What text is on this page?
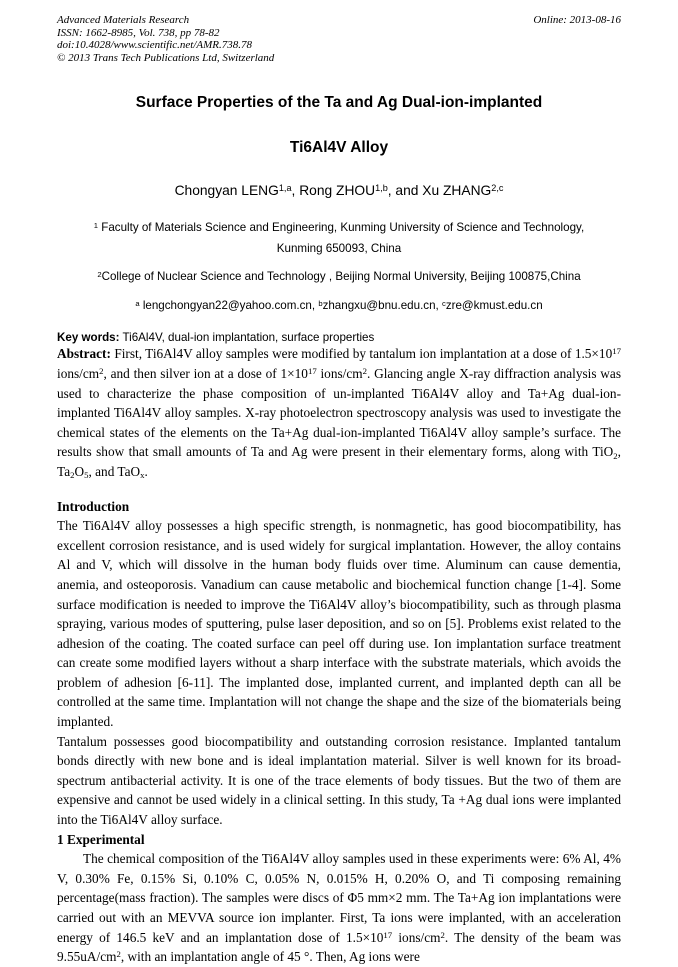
Advanced Materials Research
ISSN: 1662-8985, Vol. 738, pp 78-82
doi:10.4028/www.scientific.net/AMR.738.78
© 2013 Trans Tech Publications Ltd, Switzerland
Online: 2013-08-16
Surface Properties of the Ta and Ag Dual-ion-implanted
Ti6Al4V Alloy
Chongyan LENG$^{1,a}$, Rong ZHOU$^{1,b}$, and Xu ZHANG$^{2,c}$
$^1$ Faculty of Materials Science and Engineering, Kunming University of Science and Technology,
Kunming 650093, China
$^2$College of Nuclear Science and Technology , Beijing Normal University, Beijing 100875,China
$^a$ lengchongyan22@yahoo.com.cn, $^b$zhangxu@bnu.edu.cn, $^c$zre@kmust.edu.cn
Key words: Ti6Al4V, dual-ion implantation, surface properties

Abstract: First, Ti6Al4V alloy samples were modified by tantalum ion implantation at a dose of $1.5\times 10^{17}$ ions/$cm^2$, and then silver ion at a dose of $1\times 10^{17}$ ions/$cm^2$. Glancing angle X-ray diffraction analysis was used to characterize the phase composition of un-implanted Ti6Al4V alloy and Ta+Ag dual-ion-implanted Ti6Al4V alloy samples. X-ray photoelectron spectroscopy analysis was used to investigate the chemical states of the elements on the Ta+Ag dual-ion-implanted Ti6Al4V alloy sample’s surface. The results show that small amounts of Ta and Ag were present in their elementary forms, along with TiO$_2$, $Ta_2O_5$, and TaO$_x$.

Introduction

The Ti6Al4V alloy possesses a high specific strength, is nonmagnetic, has good biocompatibility, has excellent corrosion resistance, and is used widely for surgical implantation. However, the alloy contains Al and V, which will dissolve in the human body fluids over time. Aluminum can cause dementia, anemia, and osteoporosis. Vanadium can cause metabolic and biochemical function change [1-4]. Some surface modification is needed to improve the Ti6Al4V alloy’s biocompatibility, such as through plasma spraying, various modes of sputtering, pulse laser deposition, and so on [5]. Problems exist related to the adhesion of the coating. The coated surface can peel off during use. Ion implantation surface treatment can create some modified layers without a sharp interface with the substrate materials, which avoids the problem of adhesion [6-11]. The implanted dose, implanted current, and implanted depth can all be controlled at the same time. Implantation will not change the shape and the size of the biomaterials being implanted.

Tantalum possesses good biocompatibility and outstanding corrosion resistance. Implanted tantalum bonds directly with new bone and is ideal implantation material. Silver is well known for its broad-spectrum antibacterial activity. It is one of the trace elements of body tissues. But the two of them are expensive and cannot be used widely in a clinical setting. In this study, Ta +Ag dual ions were implanted into the Ti6Al4V alloy surface.

1 Experimental

The chemical composition of the Ti6Al4V alloy samples used in these experiments were: 6% Al, 4% V, 0.30% Fe, 0.15% Si, 0.10% C, 0.05% N, 0.015% H, 0.20% O, and Ti composing remaining percentage(mass fraction). The samples were discs of Φ5 mm×2 mm. The Ta+Ag ion implantations were carried out with an MEVVA source ion implanter. First, Ta ions were implanted, with an acceleration energy of 146.5 keV and an implantation dose of $1.5\times 10^{17}$ ions/$cm^2$. The density of the beam was $9.55uA/cm^2$, with an implantation angle of 45 °. Then, Ag ions were
